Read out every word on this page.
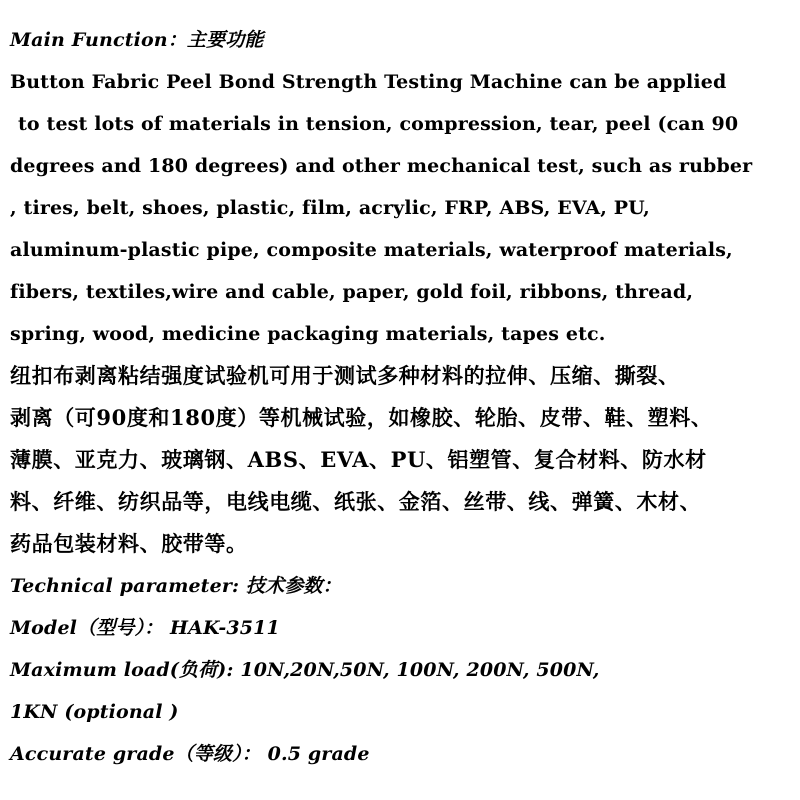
Main Function：主要功能
Button Fabric Peel Bond Strength Testing Machine can be applied
to test lots of materials in tension, compression, tear, peel (can 90
degrees and 180 degrees) and other mechanical test, such as rubber
, tires, belt, shoes, plastic, film, acrylic, FRP, ABS, EVA, PU,
aluminum-plastic pipe, composite materials, waterproof materials,
fibers, textiles,wire and cable, paper, gold foil, ribbons, thread,
spring, wood, medicine packaging materials, tapes etc.
纽扣布剥离粘结强度试验机可用于测试多种材料的拉伸、压缩、撕裂、
剥离（可90度和180度）等机械试验，如橡胶、轮胎、皮带、鞋、塑料、
薄膜、亚克力、玻璃钢、ABS、EVA、PU、铝塑管、复合材料、防水材
料、纤维、纺织品等，电线电缆、纸张、金箔、丝带、线、弹簧、木材、
药品包装材料、胶带等。
Technical parameter: 技术参数：
Model（型号）： HAK-3511
Maximum load(负荷): 10N,20N,50N, 100N, 200N, 500N,
1KN (optional )
Accurate grade（等级）： 0.5 grade
